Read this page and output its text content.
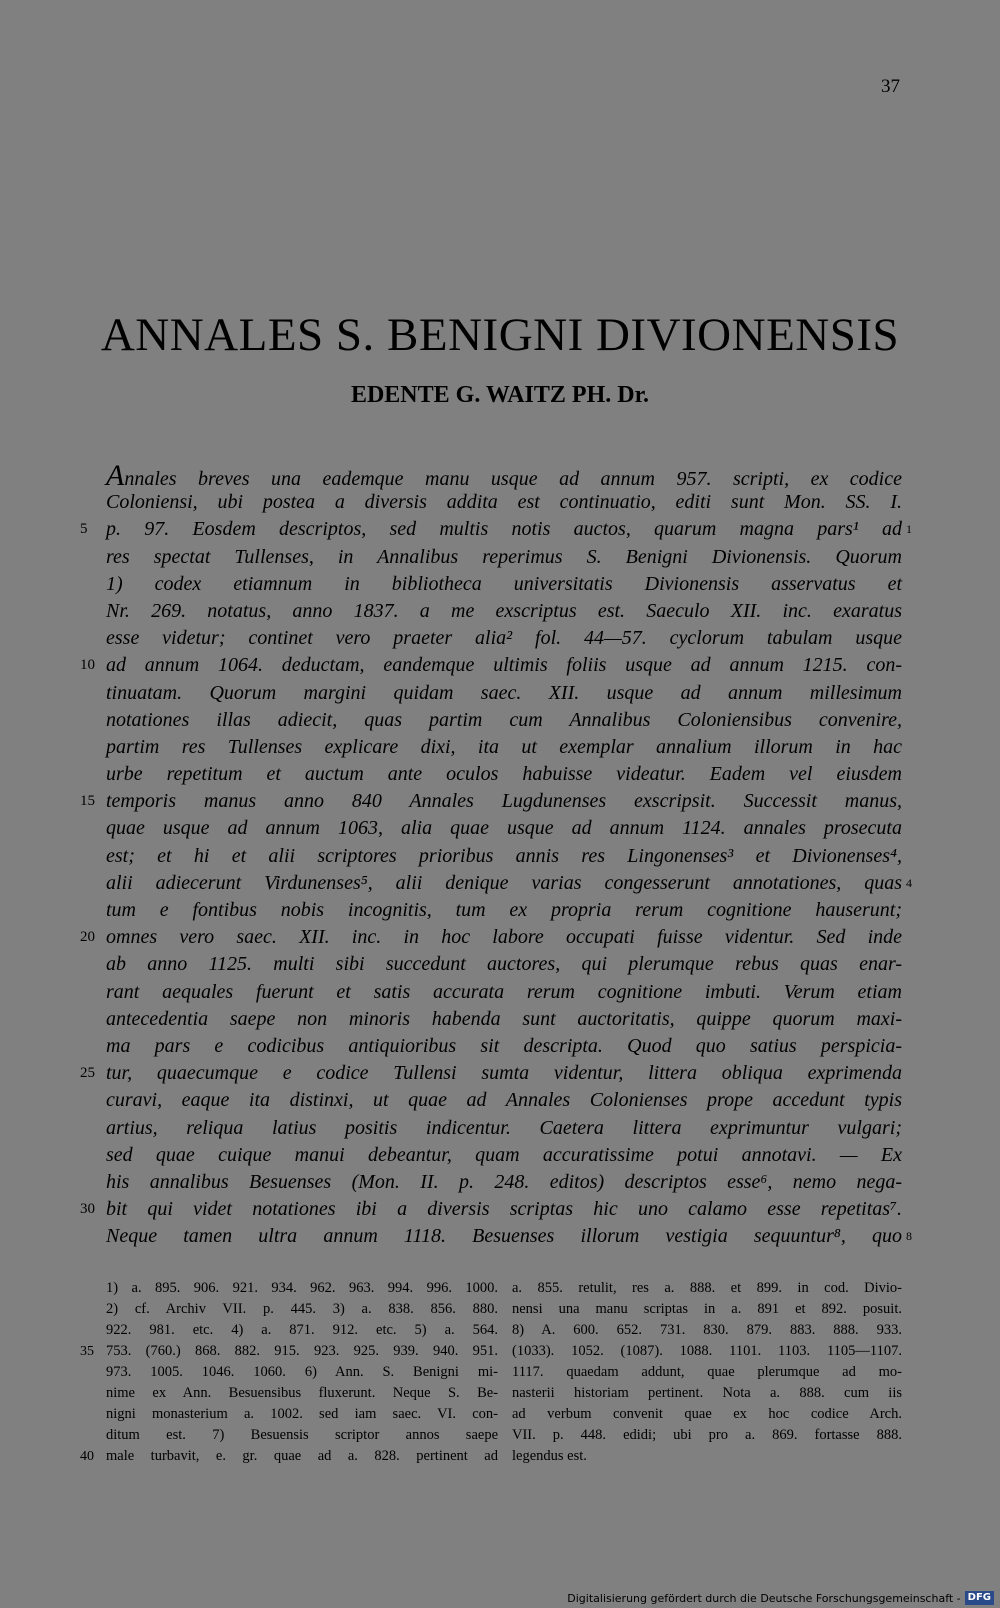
37
ANNALES S. BENIGNI DIVIONENSIS
EDENTE G. WAITZ PH. Dr.
Annales breves una eademque manu usque ad annum 957. scripti, ex codice
Coloniensi, ubi postea a diversis addita est continuatio, editi sunt Mon. SS. I.
5 p. 97. Eosdem descriptos, sed multis notis auctos, quarum magna pars¹ ad 1
res spectat Tullenses, in Annalibus reperimus S. Benigni Divionensis. Quorum
1) codex etiamnum in bibliotheca universitatis Divionensis asservatus et
Nr. 269. notatus, anno 1837. a me exscriptus est. Saeculo XII. inc. exaratus
esse videtur; continet vero praeter alia² fol. 44—57. cyclorum tabulam usque
10 ad annum 1064. deductam, eandemque ultimis foliis usque ad annum 1215. con-
tinuatam. Quorum margini quidam saec. XII. usque ad annum millesimum
notationes illas adiecit, quas partim cum Annalibus Coloniensibus convenire,
partim res Tullenses explicare dixi, ita ut exemplar annalium illorum in hac
urbe repetitum et auctum ante oculos habuisse videatur. Eadem vel eiusdem
15 temporis manus anno 840 Annales Lugdunenses exscripsit. Successit manus,
quae usque ad annum 1063, alia quae usque ad annum 1124. annales prosecuta
est; et hi et alii scriptores prioribus annis res Lingonenses³ et Divionenses⁴,
alii adiecerunt Virdunenses⁵, alii denique varias congesserunt annotationes, quas 4
tum e fontibus nobis incognitis, tum ex propria rerum cognitione hauserunt;
20 omnes vero saec. XII. inc. in hoc labore occupati fuisse videntur. Sed inde
ab anno 1125. multi sibi succedunt auctores, qui plerumque rebus quas enar-
rant aequales fuerunt et satis accurata rerum cognitione imbuti. Verum etiam
antecedentia saepe non minoris habenda sunt auctoritatis, quippe quorum maxi-
ma pars e codicibus antiquioribus sit descripta. Quod quo satius perspicia-
25 tur, quaecumque e codice Tullensi sumta videntur, littera obliqua exprimenda
curavi, eaque ita distinxi, ut quae ad Annales Colonienses prope accedunt typis
artius, reliqua latius positis indicentur. Caetera littera exprimuntur vulgari;
sed quae cuique manui debeantur, quam accuratissime potui annotavi. — Ex
his annalibus Besuenses (Mon. II. p. 248. editos) descriptos esse⁶, nemo nega-
30 bit qui videt notationes ibi a diversis scriptas hic uno calamo esse repetitas⁷.
Neque tamen ultra annum 1118. Besuenses illorum vestigia sequuntur⁸, quo 8
1) a. 895. 906. 921. 934. 962. 963. 994. 996. 1000.
2) cf. Archiv VII. p. 445. 3) a. 838. 856. 880.
922. 981. etc. 4) a. 871. 912. etc. 5) a. 564.
35 753. (760.) 868. 882. 915. 923. 925. 939. 940. 951.
973. 1005. 1046. 1060. 6) Ann. S. Benigni mi-
nime ex Ann. Besuensibus fluxerunt. Neque S. Be-
nigni monasterium a. 1002. sed iam saec. VI. con-
ditum est. 7) Besuensis scriptor annos saepe
40 male turbavit, e. gr. quae ad a. 828. pertinent ad
a. 855. retulit, res a. 888. et 899. in cod. Divio-
nensi una manu scriptas in a. 891 et 892. posuit.
8) A. 600. 652. 731. 830. 879. 883. 888. 933.
(1033). 1052. (1087). 1088. 1101. 1103. 1105—1107.
1117. quaedam addunt, quae plerumque ad mo-
nasterii historiam pertinent. Nota a. 888. cum iis
ad verbum convenit quae ex hoc codice Arch.
VII. p. 448. edidi; ubi pro a. 869. fortasse 888.
legendus est.
Digitalisierung gefördert durch die Deutsche Forschungsgemeinschaft - DFG
